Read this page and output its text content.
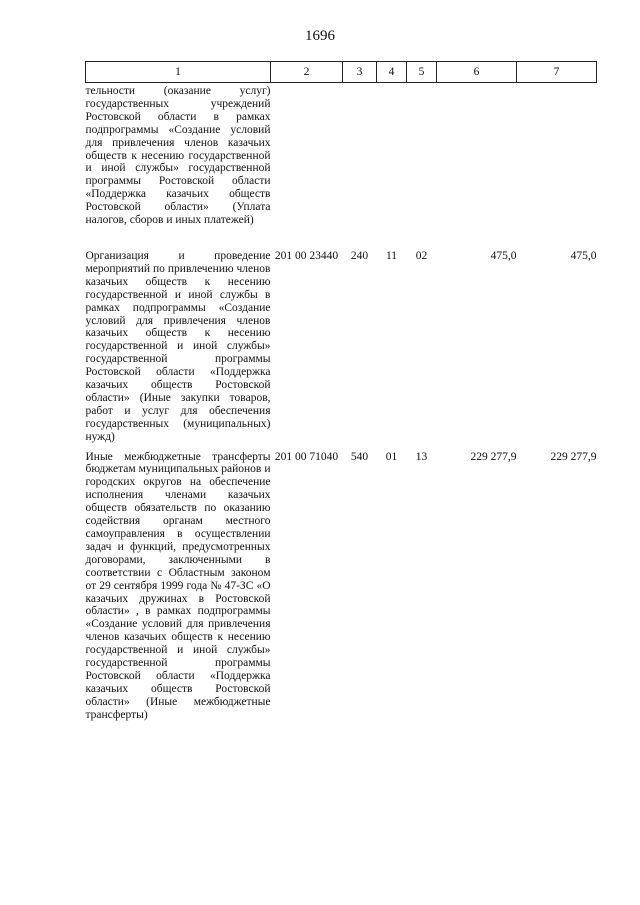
1696
1	2	3	4	5	6	7
тельности (оказание услуг) государственных учреждений Ростовской области в рамках подпрограммы «Создание условий для привлечения членов казачьих обществ к несению государственной и иной службы» государственной программы Ростовской области «Поддержка казачьих обществ Ростовской области» (Уплата налогов, сборов и иных платежей)						
Организация и проведение мероприятий по привлечению членов казачьих обществ к несению государственной и иной службы в рамках подпрограммы «Создание условий для привлечения членов казачьих обществ к несению государственной и иной службы» государственной программы Ростовской области «Поддержка казачьих обществ Ростовской области» (Иные закупки товаров, работ и услуг для обеспечения государственных (муниципальных) нужд)	201 00 23440	240	11	02	475,0	475,0
Иные межбюджетные трансферты бюджетам муниципальных районов и городских округов на обеспечение исполнения членами казачьих обществ обязательств по оказанию содействия органам местного самоуправления в осуществлении задач и функций, предусмотренных договорами, заключенными в соответствии с Областным законом от 29 сентября 1999 года № 47-ЗС «О казачьих дружинах в Ростовской области» , в рамках подпрограммы «Создание условий для привлечения членов казачьих обществ к несению государственной и иной службы» государственной программы Ростовской области «Поддержка казачьих обществ Ростовской области» (Иные межбюджетные трансферты)	201 00 71040	540	01	13	229 277,9	229 277,9
